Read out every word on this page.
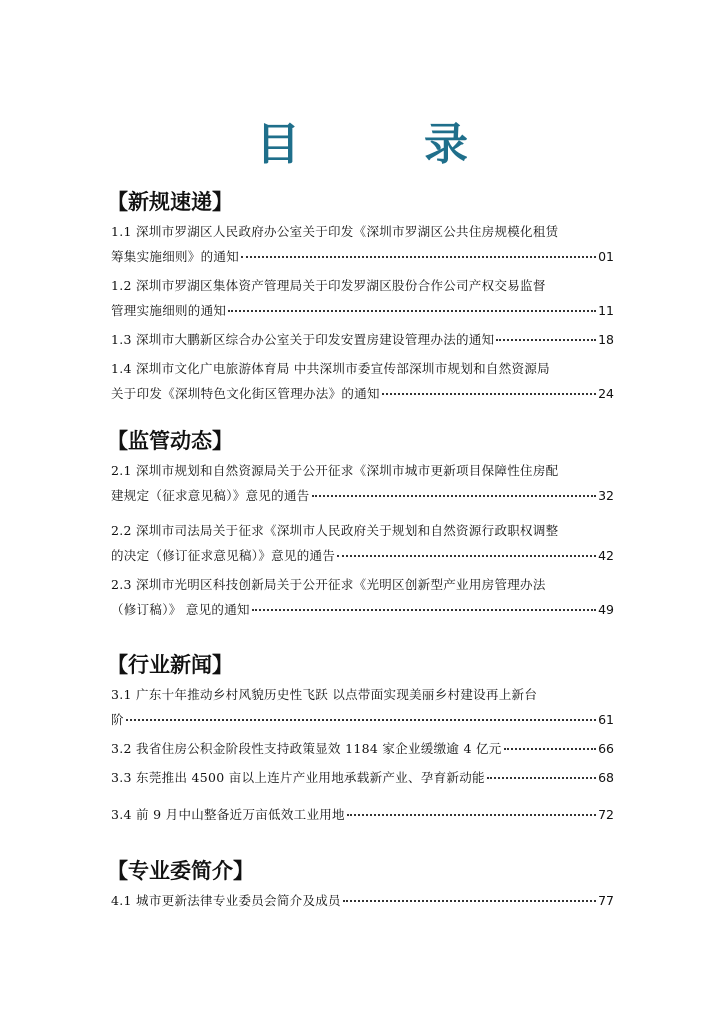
目　录
【新规速递】
1.1 深圳市罗湖区人民政府办公室关于印发《深圳市罗湖区公共住房规模化租赁
筹集实施细则》的通知	01
1.2 深圳市罗湖区集体资产管理局关于印发罗湖区股份合作公司产权交易监督
管理实施细则的通知	11
1.3 深圳市大鹏新区综合办公室关于印发安置房建设管理办法的通知	18
1.4 深圳市文化广电旅游体育局 中共深圳市委宣传部深圳市规划和自然资源局
关于印发《深圳特色文化街区管理办法》的通知	24
【监管动态】
2.1 深圳市规划和自然资源局关于公开征求《深圳市城市更新项目保障性住房配
建规定（征求意见稿）》意见的通告	32
2.2 深圳市司法局关于征求《深圳市人民政府关于规划和自然资源行政职权调整
的决定（修订征求意见稿）》意见的通告	42
2.3 深圳市光明区科技创新局关于公开征求《光明区创新型产业用房管理办法
（修订稿）》 意见的通知	49
【行业新闻】
3.1 广东十年推动乡村风貌历史性飞跃 以点带面实现美丽乡村建设再上新台
阶	61
3.2 我省住房公积金阶段性支持政策显效 1184 家企业缓缴逾 4 亿元	66
3.3 东莞推出 4500 亩以上连片产业用地承载新产业、孕育新动能	68
3.4 前 9 月中山整备近万亩低效工业用地	72
【专业委简介】
4.1 城市更新法律专业委员会简介及成员	77
